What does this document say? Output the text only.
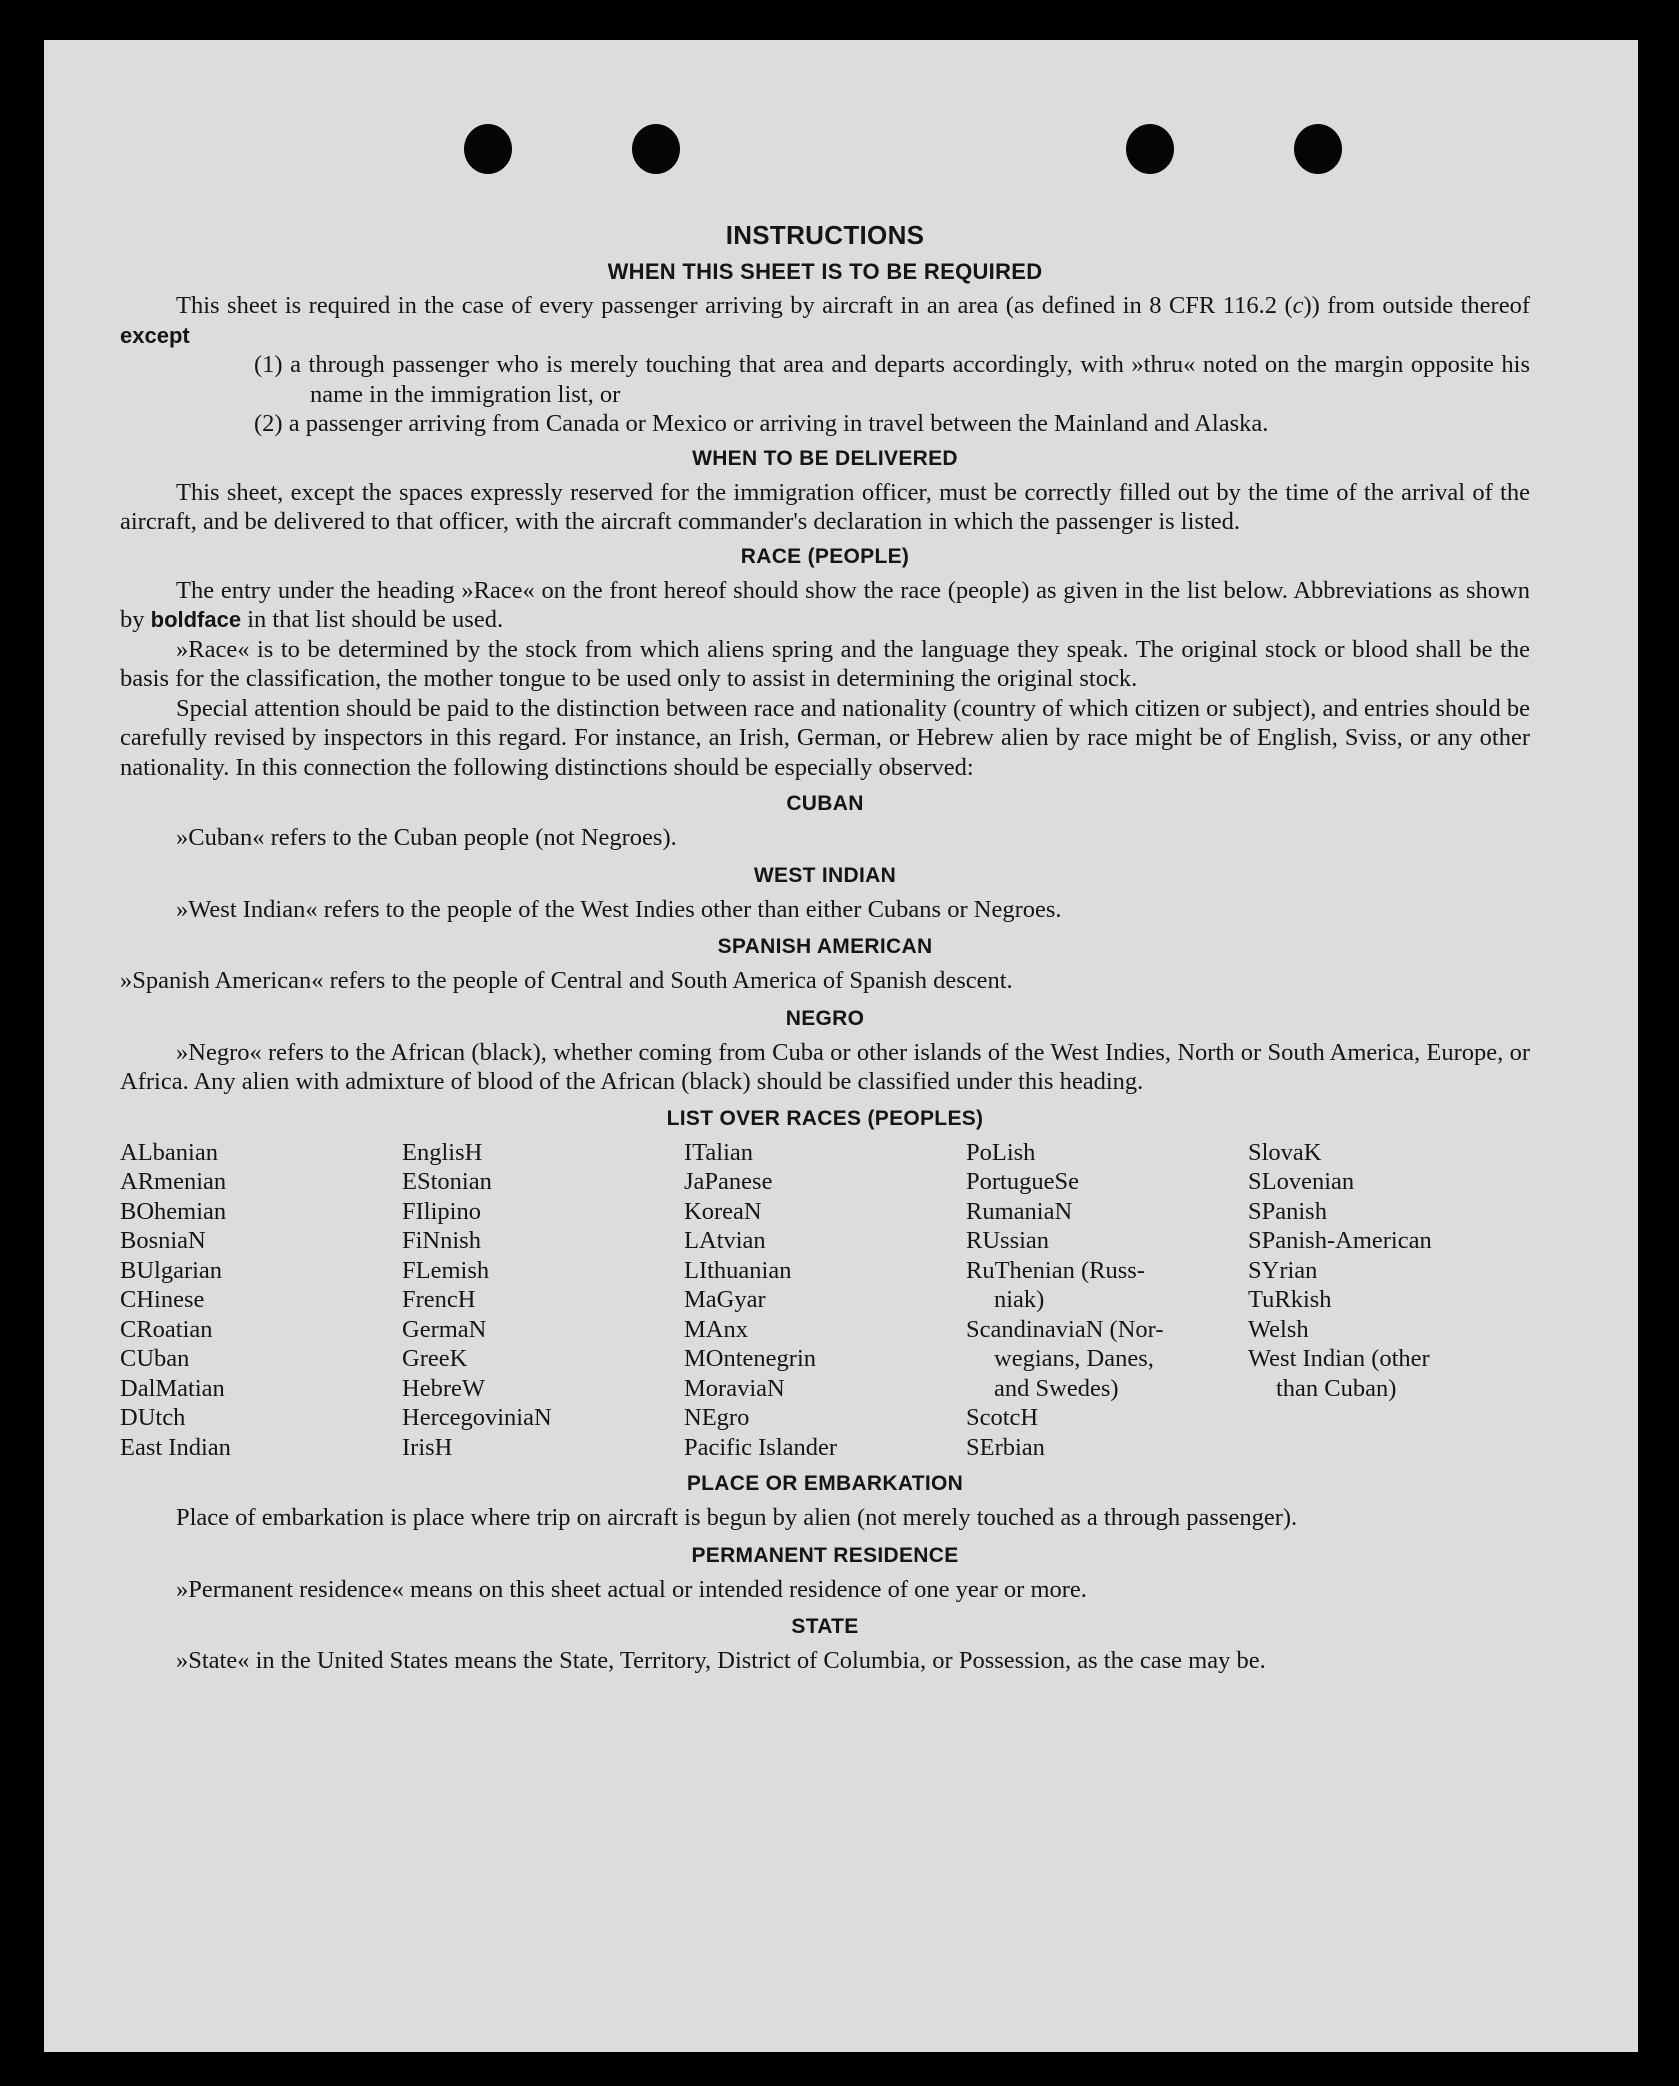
INSTRUCTIONS
WHEN THIS SHEET IS TO BE REQUIRED

This sheet is required in the case of every passenger arriving by aircraft in an area (as defined in 8 CFR 116.2 (c)) from outside thereof except

(1) a through passenger who is merely touching that area and departs accordingly, with »thru« noted on the margin opposite his name in the immigration list, or

(2) a passenger arriving from Canada or Mexico or arriving in travel between the Mainland and Alaska.

WHEN TO BE DELIVERED

This sheet, except the spaces expressly reserved for the immigration officer, must be correctly filled out by the time of the arrival of the aircraft, and be delivered to that officer, with the aircraft commander's declaration in which the passenger is listed.

RACE (PEOPLE)

The entry under the heading »Race« on the front hereof should show the race (people) as given in the list below. Abbreviations as shown by boldface in that list should be used.

»Race« is to be determined by the stock from which aliens spring and the language they speak. The original stock or blood shall be the basis for the classification, the mother tongue to be used only to assist in determining the original stock.

Special attention should be paid to the distinction between race and nationality (country of which citizen or subject), and entries should be carefully revised by inspectors in this regard. For instance, an Irish, German, or Hebrew alien by race might be of English, Sviss, or any other nationality. In this connection the following distinctions should be especially observed:

CUBAN

»Cuban« refers to the Cuban people (not Negroes).

WEST INDIAN

»West Indian« refers to the people of the West Indies other than either Cubans or Negroes.

SPANISH AMERICAN

»Spanish American« refers to the people of Central and South America of Spanish descent.

NEGRO

»Negro« refers to the African (black), whether coming from Cuba or other islands of the West Indies, North or South America, Europe, or Africa. Any alien with admixture of blood of the African (black) should be classified under this heading.

LIST OVER RACES (PEOPLES)
ALbanian
ARmenian
BOhemian
BosniaN
BUlgarian
CHinese
CRoatian
CUban
DalMatian
DUtch
East Indian
EnglisH
EStonian
FIlipino
FiNnish
FLemish
FrencH
GermaN
GreeK
HebreW
HercegoviniaN
IrisH
ITalian
JaPanese
KoreaN
LAtvian
LIthuanian
MaGyar
MAnx
MOntenegrin
MoraviaN
NEgro
Pacific Islander
PoLish
PortugueSe
RumaniaN
RUssian
RuThenian (Russ-
niak)
ScandinaviaN (Nor-
wegians, Danes,
and Swedes)
ScotcH
SErbian
SlovaK
SLovenian
SPanish
SPanish-American
SYrian
TuRkish
Welsh
West Indian (other
than Cuban)
PLACE OR EMBARKATION

Place of embarkation is place where trip on aircraft is begun by alien (not merely touched as a through passenger).

PERMANENT RESIDENCE

»Permanent residence« means on this sheet actual or intended residence of one year or more.

STATE

»State« in the United States means the State, Territory, District of Columbia, or Possession, as the case may be.
